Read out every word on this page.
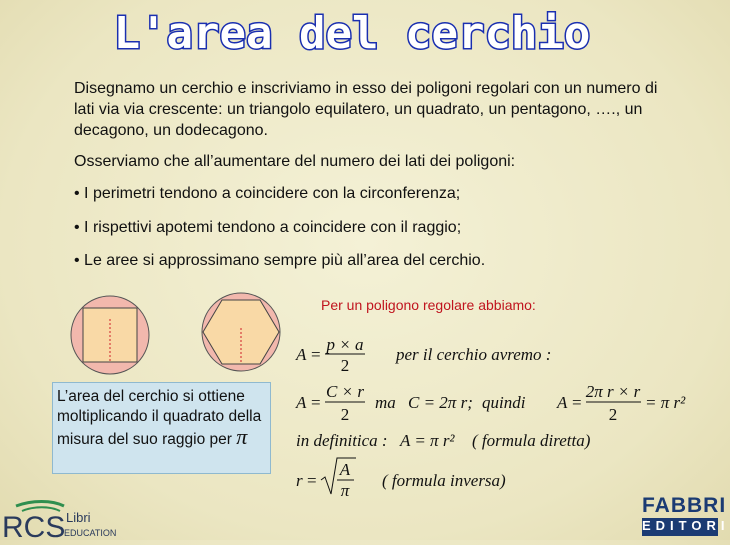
L'area del cerchio
Disegnamo un cerchio e inscriviamo in esso dei poligoni regolari con un numero di lati via via crescente: un triangolo equilatero, un quadrato, un pentagono, …., un decagono, un dodecagono.
Osserviamo che all’aumentare del numero dei lati dei poligoni:
• I perimetri tendono a coincidere con la circonferenza;
• I rispettivi apotemi tendono a coincidere con il raggio;
• Le aree si approssimano sempre più all’area del cerchio.
Per un poligono regolare abbiamo:
L’area del cerchio si ottiene moltiplicando il quadrato della misura del suo raggio per π
A =
p × a
2
per il cerchio avremo :
A =
C × r
2
ma C = 2π r; quindi A =
2π r × r
2
= π r²
in definitica : A = π r² ( formula diretta)
r =
A
π
( formula inversa)
RCS Libri
EDUCATION
FABBRI
EDITORI
